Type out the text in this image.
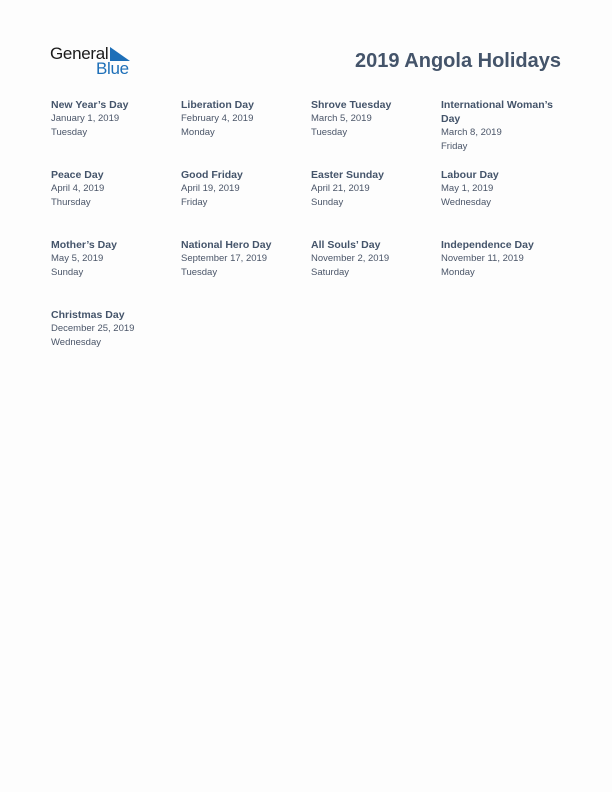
General
Blue	2019 Angola Holidays
New Year’s Day
January 1, 2019
Tuesday
Liberation Day
February 4, 2019
Monday
Shrove Tuesday
March 5, 2019
Tuesday
International Woman’s Day
March 8, 2019
Friday
Peace Day
April 4, 2019
Thursday
Good Friday
April 19, 2019
Friday
Easter Sunday
April 21, 2019
Sunday
Labour Day
May 1, 2019
Wednesday
Mother’s Day
May 5, 2019
Sunday
National Hero Day
September 17, 2019
Tuesday
All Souls’ Day
November 2, 2019
Saturday
Independence Day
November 11, 2019
Monday
Christmas Day
December 25, 2019
Wednesday
